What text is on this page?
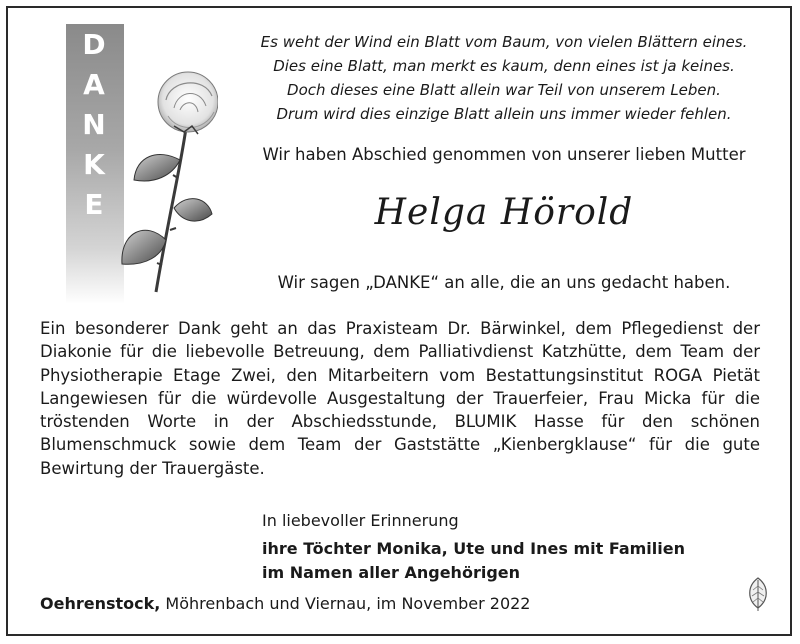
D
A
N
K
E
Es weht der Wind ein Blatt vom Baum, von vielen Blättern eines.
Dies eine Blatt, man merkt es kaum, denn eines ist ja keines.
Doch dieses eine Blatt allein war Teil von unserem Leben.
Drum wird dies einzige Blatt allein uns immer wieder fehlen.
Wir haben Abschied genommen von unserer lieben Mutter
Helga Hörold
Wir sagen „DANKE“ an alle, die an uns gedacht haben.
Ein besonderer Dank geht an das Praxisteam Dr. Bärwinkel, dem Pflegedienst der Diakonie für die liebevolle Betreuung, dem Palliativdienst Katzhütte, dem Team der Physiotherapie Etage Zwei, den Mitarbeitern vom Bestattungsinstitut ROGA Pietät Langewiesen für die würdevolle Ausgestaltung der Trauerfeier, Frau Micka für die tröstenden Worte in der Abschiedsstunde, BLUMIK Hasse für den schönen Blumenschmuck sowie dem Team der Gaststätte „Kienbergklause“ für die gute Bewirtung der Trauergäste.
In liebevoller Erinnerung
ihre Töchter Monika, Ute und Ines mit Familien
im Namen aller Angehörigen
Oehrenstock, Möhrenbach und Viernau, im November 2022
